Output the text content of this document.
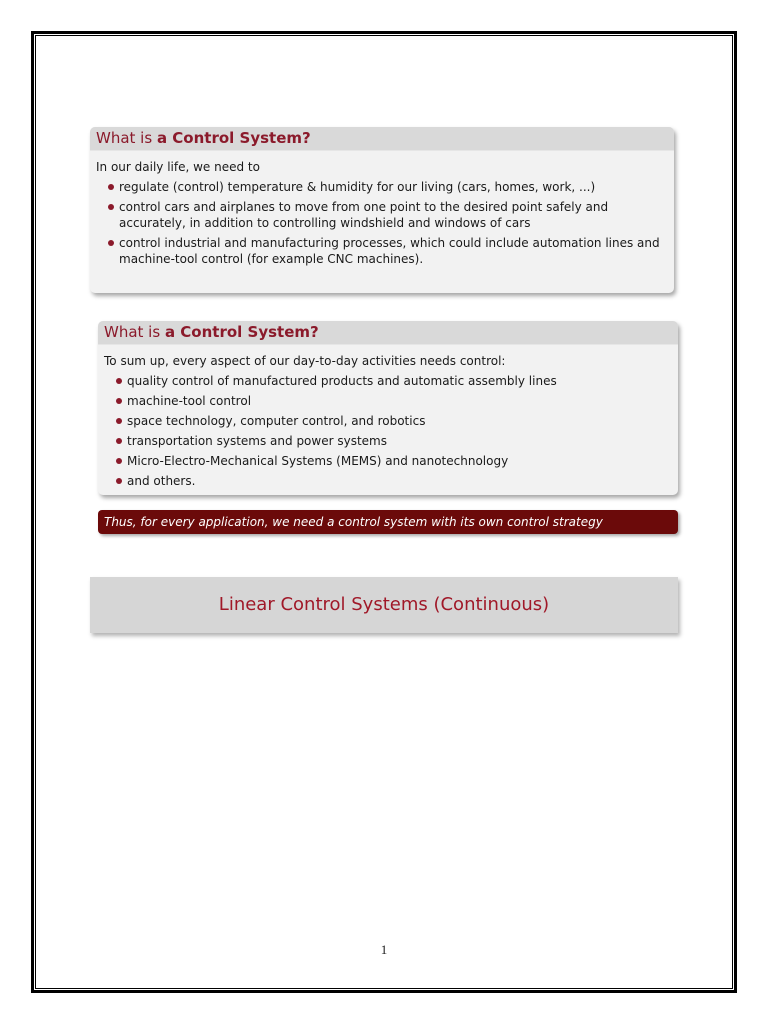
What is a Control System?

In our daily life, we need to

regulate (control) temperature & humidity for our living (cars, homes, work, ...)
control cars and airplanes to move from one point to the desired point safely and accurately, in addition to controlling windshield and windows of cars
control industrial and manufacturing processes, which could include automation lines and machine-tool control (for example CNC machines).
What is a Control System?

To sum up, every aspect of our day-to-day activities needs control:

quality control of manufactured products and automatic assembly lines
machine-tool control
space technology, computer control, and robotics
transportation systems and power systems
Micro-Electro-Mechanical Systems (MEMS) and nanotechnology
and others.
Thus, for every application, we need a control system with its own control strategy
Linear Control Systems (Continuous)
1
